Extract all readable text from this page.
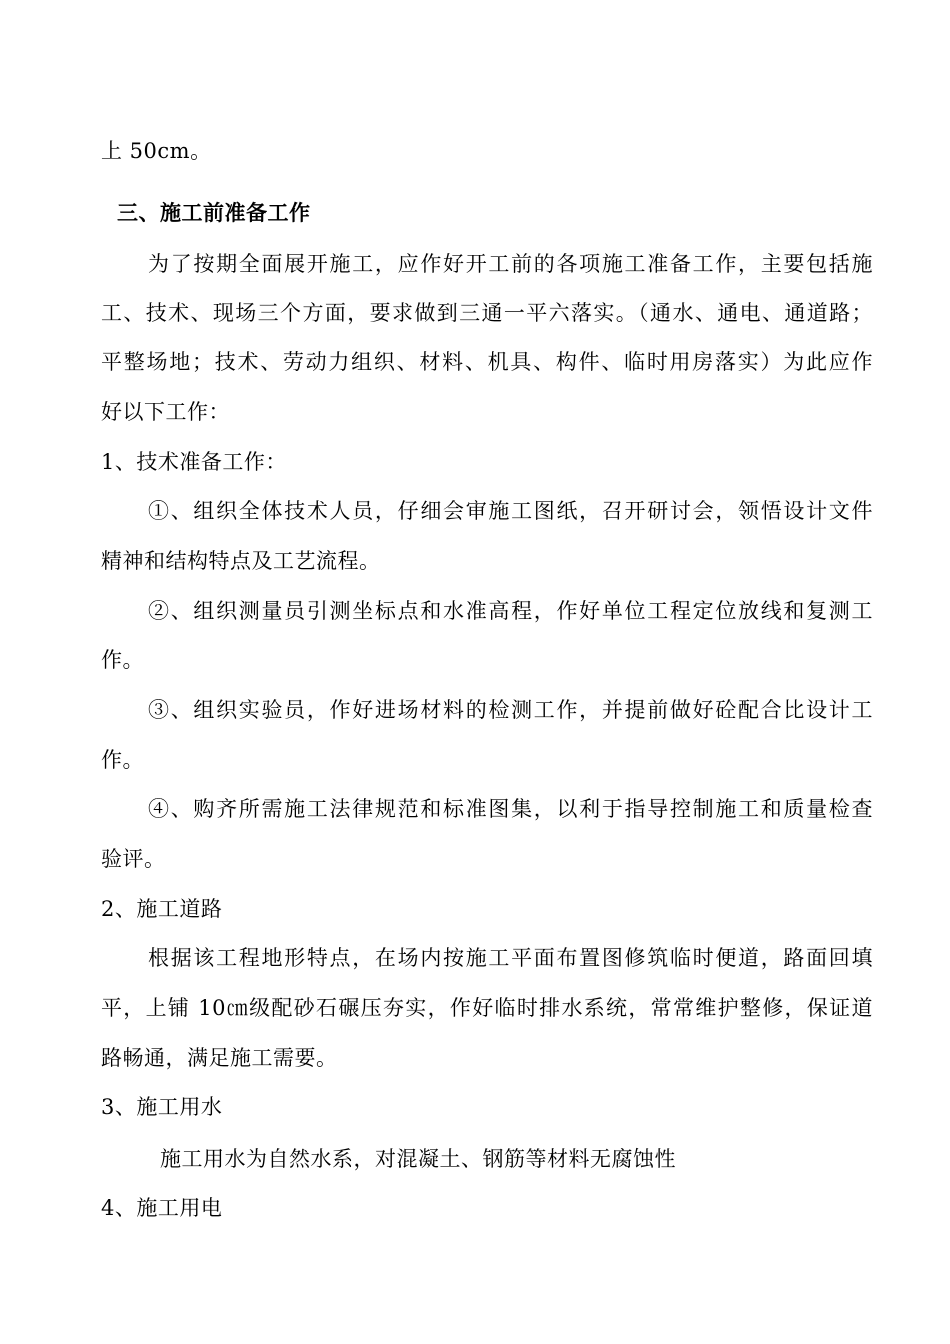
上 50cm。
三、施工前准备工作
为了按期全面展开施工，应作好开工前的各项施工准备工作，主要包括施
工、技术、现场三个方面，要求做到三通一平六落实。（通水、通电、通道路；
平整场地；技术、劳动力组织、材料、机具、构件、临时用房落实）为此应作
好以下工作：
1、技术准备工作：
①、组织全体技术人员，仔细会审施工图纸，召开研讨会，领悟设计文件
精神和结构特点及工艺流程。
②、组织测量员引测坐标点和水准高程，作好单位工程定位放线和复测工
作。
③、组织实验员，作好进场材料的检测工作，并提前做好砼配合比设计工
作。
④、购齐所需施工法律规范和标准图集，以利于指导控制施工和质量检查
验评。
2、施工道路
根据该工程地形特点，在场内按施工平面布置图修筑临时便道，路面回填
平，上铺 10㎝级配砂石碾压夯实，作好临时排水系统，常常维护整修，保证道
路畅通，满足施工需要。
3、施工用水
施工用水为自然水系，对混凝土、钢筋等材料无腐蚀性
4、施工用电
